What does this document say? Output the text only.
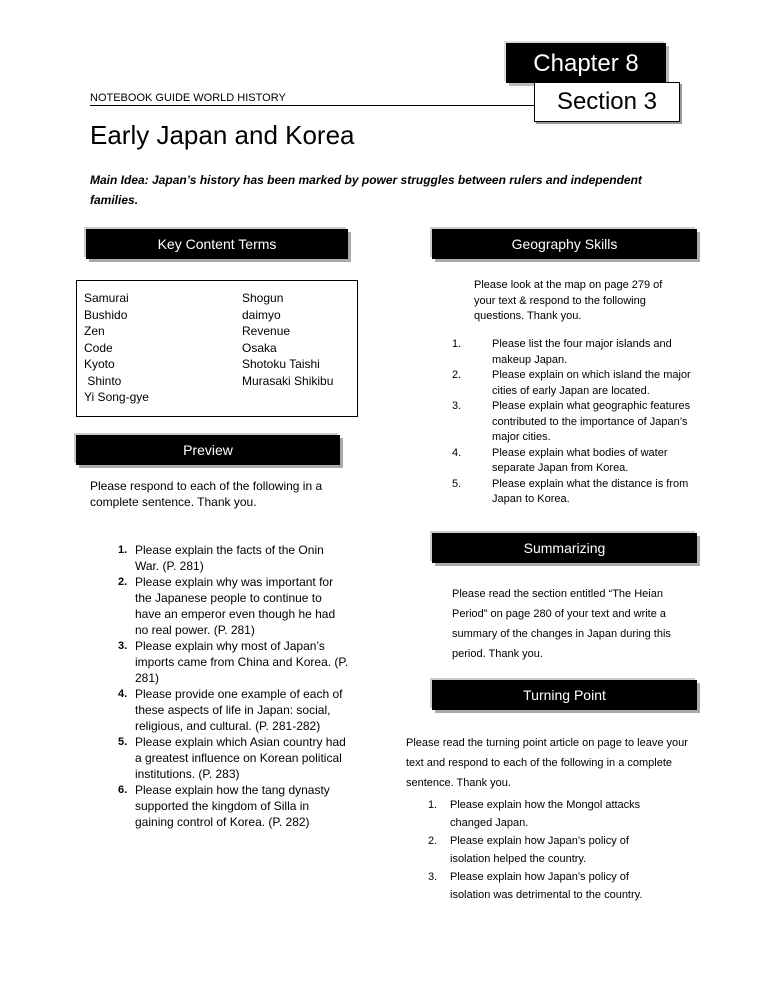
NOTEBOOK GUIDE WORLD HISTORY
Chapter 8
Section 3
Early Japan and Korea
Main Idea: Japan’s history has been marked by power struggles between rulers and independent families.
Key Content Terms
Samurai
Bushido
Zen
Code
Kyoto
Shinto
Yi Song-gye
Shogun
daimyo
Revenue
Osaka
Shotoku Taishi
Murasaki Shikibu
Preview
Please respond to each of the following in a complete sentence. Thank you.
1. Please explain the facts of the Onin War. (P. 281)
2. Please explain why was important for the Japanese people to continue to have an emperor even though he had no real power. (P. 281)
3. Please explain why most of Japan’s imports came from China and Korea. (P. 281)
4. Please provide one example of each of these aspects of life in Japan: social, religious, and cultural. (P. 281-282)
5. Please explain which Asian country had a greatest influence on Korean political institutions. (P. 283)
6. Please explain how the tang dynasty supported the kingdom of Silla in gaining control of Korea. (P. 282)
Geography Skills
Please look at the map on page 279 of your text & respond to the following questions. Thank you.
1.	Please list the four major islands and makeup Japan.
2.	Please explain on which island the major cities of early Japan are located.
3.	Please explain what geographic features contributed to the importance of Japan’s major cities.
4.	Please explain what bodies of water separate Japan from Korea.
5.	Please explain what the distance is from Japan to Korea.
Summarizing
Please read the section entitled “The Heian Period” on page 280 of your text and write a summary of the changes in Japan during this period. Thank you.
Turning Point
Please read the turning point article on page to leave your text and respond to each of the following in a complete sentence. Thank you.
1. Please explain how the Mongol attacks changed Japan.
2. Please explain how Japan’s policy of isolation helped the country.
3. Please explain how Japan’s policy of isolation was detrimental to the country.
